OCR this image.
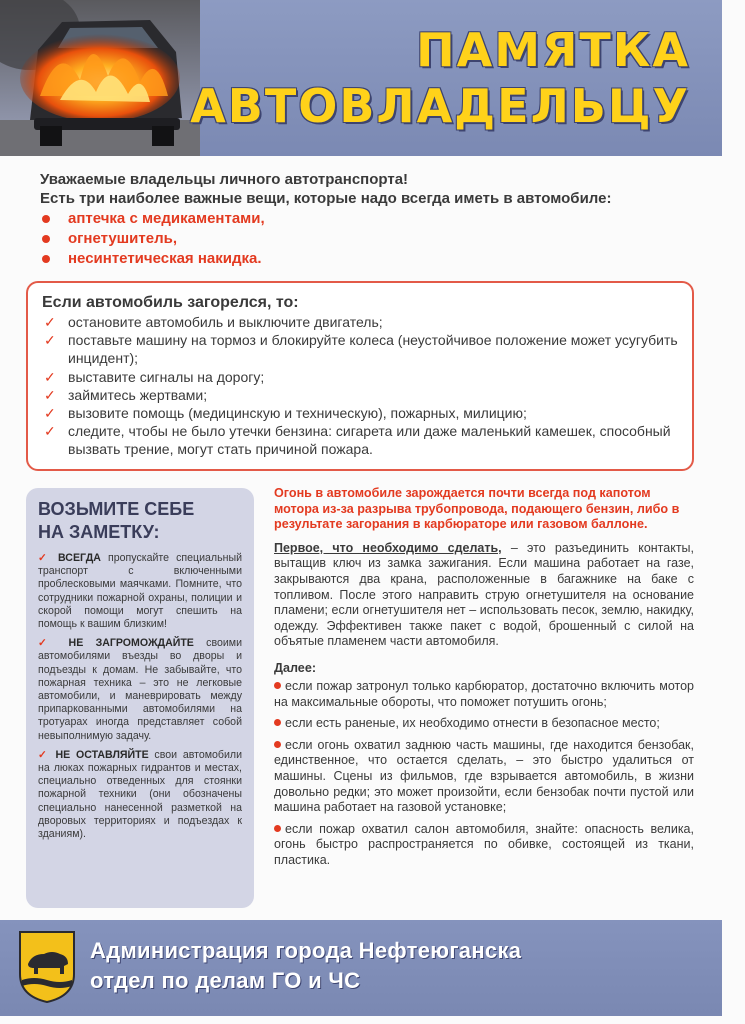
ПАМЯТКА
АВТОВЛАДЕЛЬЦУ
Уважаемые владельцы личного автотранспорта!
Есть три наиболее важные вещи, которые надо всегда иметь в автомобиле:
аптечка с медикаментами,
огнетушитель,
несинтетическая накидка.
Если автомобиль загорелся, то:
✓ остановите автомобиль и выключите двигатель;
✓ поставьте машину на тормоз и блокируйте колеса (неустойчивое положение может усугубить инцидент);
✓ выставите сигналы на дорогу;
✓ займитесь жертвами;
✓ вызовите помощь (медицинскую и техническую), пожарных, милицию;
✓ следите, чтобы не было утечки бензина: сигарета или даже маленький камешек, способный вызвать трение, могут стать причиной пожара.
ВОЗЬМИТЕ СЕБЕ
НА ЗАМЕТКУ:

✓ ВСЕГДА пропускайте специальный транспорт с включенными проблесковыми маячками. Помните, что сотрудники пожарной охраны, полиции и скорой помощи могут спешить на помощь к вашим близким!

✓ НЕ ЗАГРОМОЖДАЙТЕ своими автомобилями въезды во дворы и подъезды к домам. Не забывайте, что пожарная техника – это не легковые автомобили, и маневрировать между припаркованными автомобилями на тротуарах иногда представляет собой невыполнимую задачу.

✓ НЕ ОСТАВЛЯЙТЕ свои автомобили на люках пожарных гидрантов и местах, специально отведенных для стоянки пожарной техники (они обозначены специально нанесенной разметкой на дворовых территориях и подъездах к зданиям).

Огонь в автомобиле зарождается почти всегда под капотом мотора из-за разрыва трубопровода, подающего бензин, либо в результате загорания в карбюраторе или газовом баллоне.

Первое, что необходимо сделать, – это разъединить контакты, вытащив ключ из замка зажигания. Если машина работает на газе, закрываются два крана, расположенные в багажнике на баке с топливом. После этого направить струю огнетушителя на основание пламени; если огнетушителя нет – использовать песок, землю, накидку, одежду. Эффективен также пакет с водой, брошенный с силой на объятые пламенем части автомобиля.

Далее:
если пожар затронул только карбюратор, достаточно включить мотор на максимальные обороты, что поможет потушить огонь;
если есть раненые, их необходимо отнести в безопасное место;
если огонь охватил заднюю часть машины, где находится бензобак, единственное, что остается сделать, – это быстро удалиться от машины. Сцены из фильмов, где взрывается автомобиль, в жизни довольно редки; это может произойти, если бензобак почти пустой или машина работает на газовой установке;
если пожар охватил салон автомобиля, знайте: опасность велика, огонь быстро распространяется по обивке, состоящей из ткани, пластика.
Администрация города Нефтеюганска
отдел по делам ГО и ЧС
